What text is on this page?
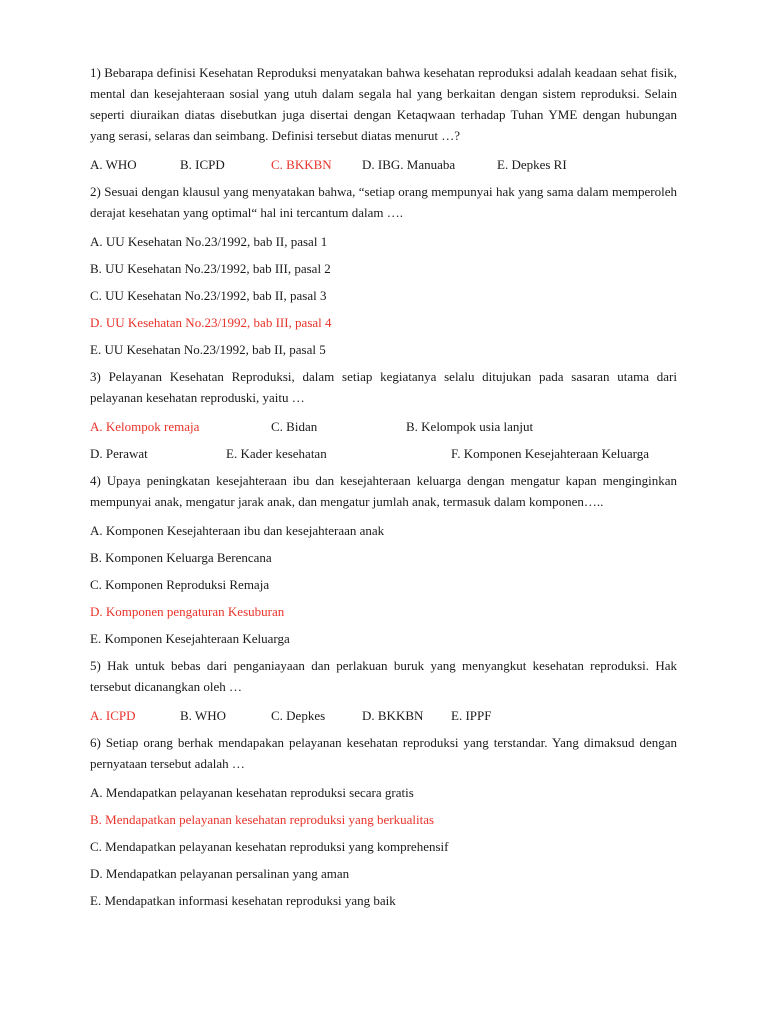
1) Bebarapa definisi Kesehatan Reproduksi menyatakan bahwa kesehatan reproduksi adalah keadaan sehat fisik, mental dan kesejahteraan sosial yang utuh dalam segala hal yang berkaitan dengan sistem reproduksi. Selain seperti diuraikan diatas disebutkan juga disertai dengan Ketaqwaan terhadap Tuhan YME dengan hubungan yang serasi, selaras dan seimbang. Definisi tersebut diatas menurut …?

A. WHO	B. ICPD	C. BKKBN D. IBG. Manuaba	E. Depkes RI

2) Sesuai dengan klausul yang menyatakan bahwa, “setiap orang mempunyai hak yang sama dalam memperoleh derajat kesehatan yang optimal“ hal ini tercantum dalam ….

A. UU Kesehatan No.23/1992, bab II, pasal 1
B. UU Kesehatan No.23/1992, bab III, pasal 2
C. UU Kesehatan No.23/1992, bab II, pasal 3
D. UU Kesehatan No.23/1992, bab III, pasal 4
E. UU Kesehatan No.23/1992, bab II, pasal 5

3) Pelayanan Kesehatan Reproduksi, dalam setiap kegiatanya selalu ditujukan pada sasaran utama dari pelayanan kesehatan reproduski, yaitu …

A. Kelompok remaja	C. Bidan	B. Kelompok usia lanjut
D. Perawat	E. Kader kesehatan	F. Komponen Kesejahteraan Keluarga

4) Upaya peningkatan kesejahteraan ibu dan kesejahteraan keluarga dengan mengatur kapan menginginkan mempunyai anak, mengatur jarak anak, dan mengatur jumlah anak, termasuk dalam komponen…..

A. Komponen Kesejahteraan ibu dan kesejahteraan anak
B. Komponen Keluarga Berencana
C. Komponen Reproduksi Remaja
D. Komponen pengaturan Kesuburan
E. Komponen Kesejahteraan Keluarga

5) Hak untuk bebas dari penganiayaan dan perlakuan buruk yang menyangkut kesehatan reproduksi. Hak tersebut dicanangkan oleh …

A. ICPD	B. WHO	C. Depkes	D. BKKBN E. IPPF

6) Setiap orang berhak mendapakan pelayanan kesehatan reproduksi yang terstandar. Yang dimaksud dengan pernyataan tersebut adalah …

A. Mendapatkan pelayanan kesehatan reproduksi secara gratis
B. Mendapatkan pelayanan kesehatan reproduksi yang berkualitas
C. Mendapatkan pelayanan kesehatan reproduksi yang komprehensif
D. Mendapatkan pelayanan persalinan yang aman
E. Mendapatkan informasi kesehatan reproduksi yang baik
